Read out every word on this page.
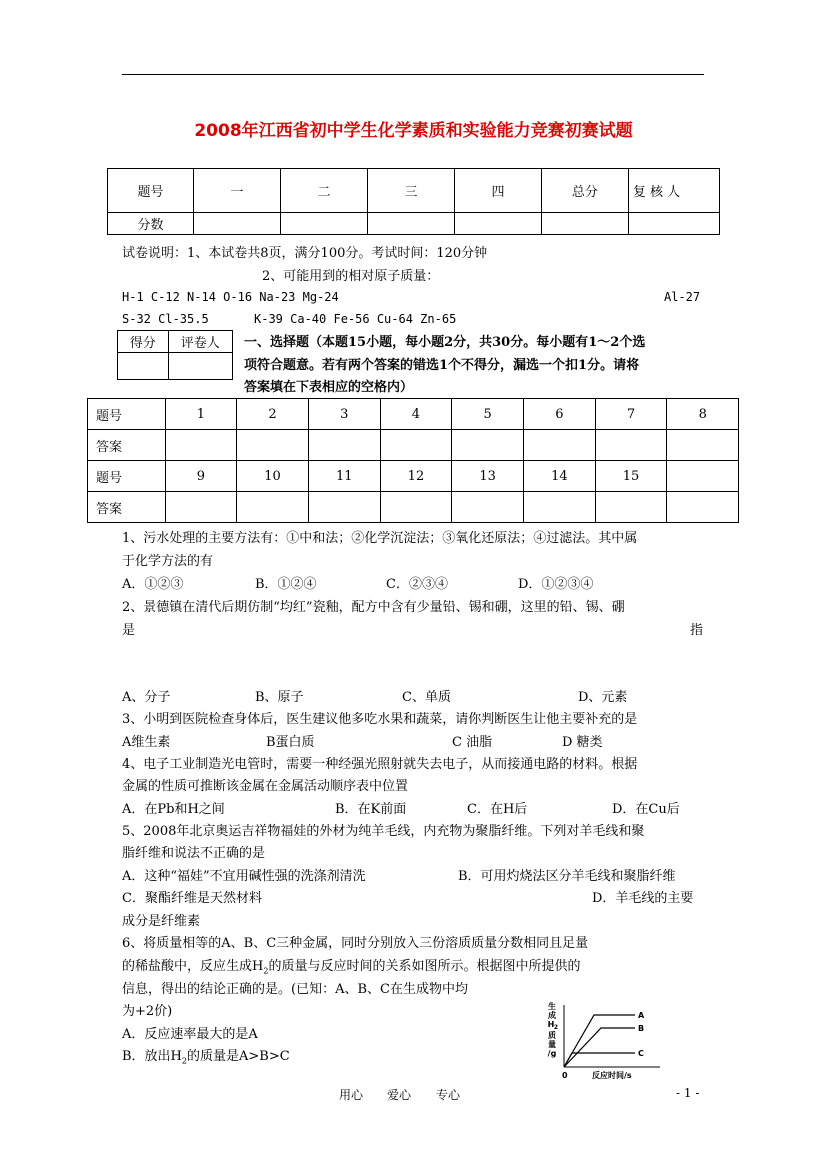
2008年江西省初中学生化学素质和实验能力竞赛初赛试题
题号	一	二	三	四	总分	复 核 人
分数						
试卷说明：1、本试卷共8页，满分100分。考试时间：120分钟
2、可能用到的相对原子质量：
H-1 C-12 N-14 O-16 Na-23 Mg-24	Al-27
S-32 Cl-35.5	K-39 Ca-40 Fe-56 Cu-64 Zn-65
得分	评卷人
	一、选择题（本题15小题，每小题2分，共30分。每小题有1～2个选
项符合题意。若有两个答案的错选1个不得分，漏选一个扣1分。请将
答案填在下表相应的空格内）
题号	1	2	3	4	5	6	7	8
答案								
题号	9	10	11	12	13	14	15	
答案								
1、污水处理的主要方法有：①中和法；②化学沉淀法；③氧化还原法；④过滤法。其中属
于化学方法的有
A．①②③	B．①②④	C．②③④	D．①②③④
2、景德镇在清代后期仿制“均红”瓷釉，配方中含有少量铅、锡和硼，这里的铅、锡、硼
是	指
A、分子	B、原子	C、单质	D、元素
3、小明到医院检查身体后，医生建议他多吃水果和蔬菜，请你判断医生让他主要补充的是
A维生素	B蛋白质	C 油脂	D 糖类
4、电子工业制造光电管时，需要一种经强光照射就失去电子，从而接通电路的材料。根据
金属的性质可推断该金属在金属活动顺序表中位置
A．在Pb和H之间	B．在K前面	C．在H后	D．在Cu后
5、2008年北京奥运吉祥物福娃的外材为纯羊毛线，内充物为聚脂纤维。下列对羊毛线和聚
脂纤维和说法不正确的是
A．这种“福娃”不宜用碱性强的洗涤剂清洗	B．可用灼烧法区分羊毛线和聚脂纤维
C．聚酯纤维是天然材料	D．羊毛线的主要
成分是纤维素
6、将质量相等的A、B、C三种金属，同时分别放入三份溶质质量分数相同且足量
的稀盐酸中，反应生成$H_2$的质量与反应时间的关系如图所示。根据图中所提供的
信息，得出的结论正确的是。(已知：A、B、C在生成物中均
为+2价)
A．反应速率最大的是A
B．放出$H_2$的质量是A>B>C
生
成
H 2
质
量
/g
0	反应时间/s
A
B
C
用心 爱心 专心	- 1 -
